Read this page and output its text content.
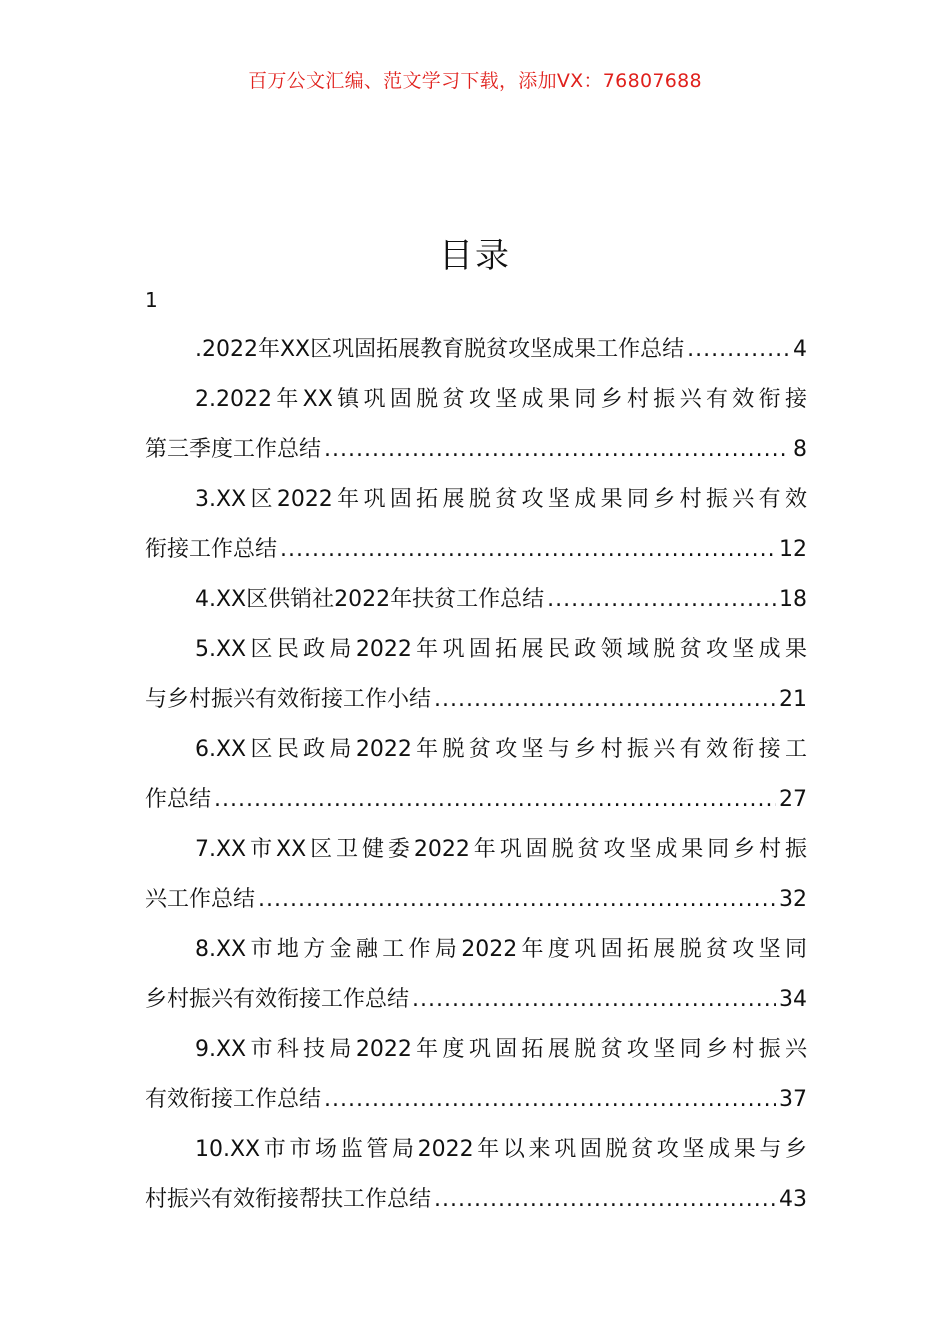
百万公文汇编、范文学习下载，添加VX：76807688
目录
1
.2022年XX区巩固拓展教育脱贫攻坚成果工作总结 .....	4
2.2022年XX镇巩固脱贫攻坚成果同乡村振兴有效衔接
第三季度工作总结 .....	8
3.XX区2022年巩固拓展脱贫攻坚成果同乡村振兴有效
衔接工作总结 .....	12
4.XX区供销社2022年扶贫工作总结 .....	18
5.XX区民政局2022年巩固拓展民政领域脱贫攻坚成果
与乡村振兴有效衔接工作小结 .....	21
6.XX区民政局2022年脱贫攻坚与乡村振兴有效衔接工
作总结 .....	27
7.XX市XX区卫健委2022年巩固脱贫攻坚成果同乡村振
兴工作总结 .....	32
8.XX市地方金融工作局2022年度巩固拓展脱贫攻坚同
乡村振兴有效衔接工作总结 .....	34
9.XX市科技局2022年度巩固拓展脱贫攻坚同乡村振兴
有效衔接工作总结 .....	37
10.XX市市场监管局2022年以来巩固脱贫攻坚成果与乡
村振兴有效衔接帮扶工作总结 .....	43
